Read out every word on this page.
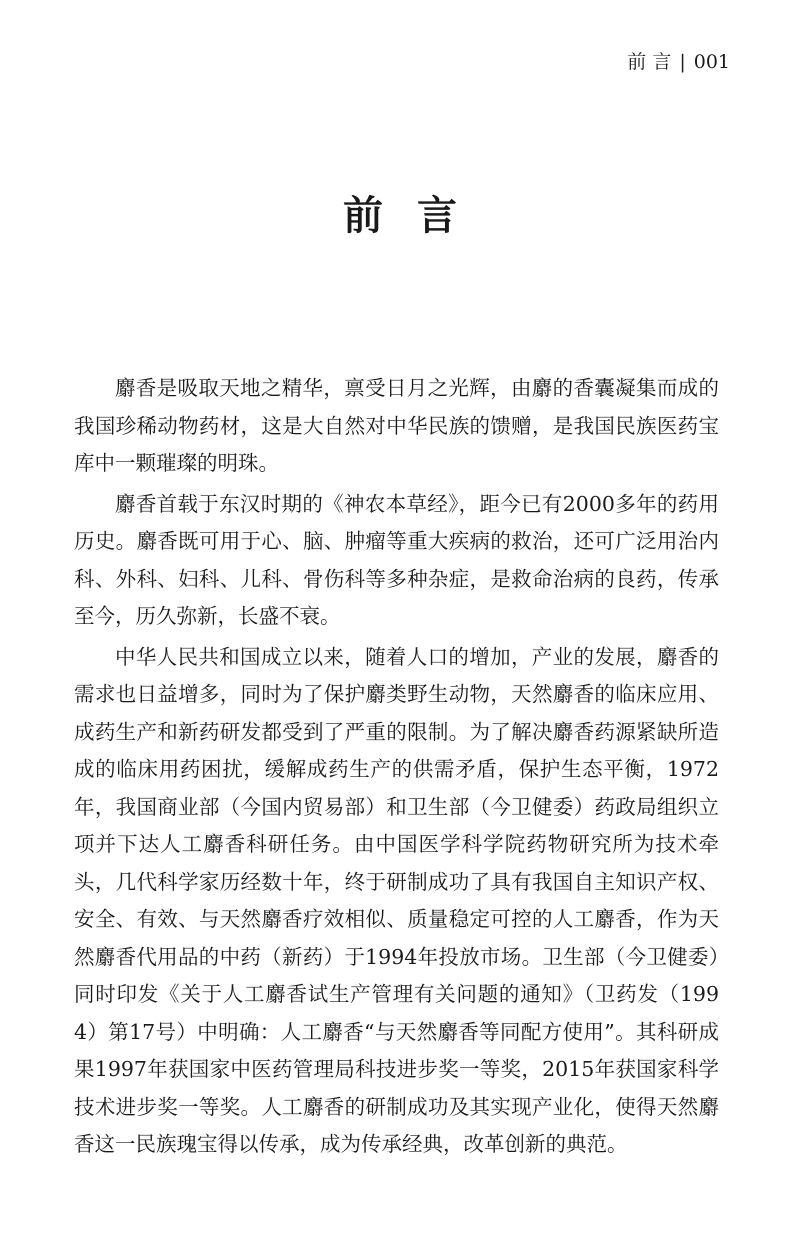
前 言 | 001
前言

麝香是吸取天地之精华，禀受日月之光辉，由麝的香囊凝集而成的我国珍稀动物药材，这是大自然对中华民族的馈赠，是我国民族医药宝库中一颗璀璨的明珠。

麝香首载于东汉时期的《神农本草经》，距今已有2000多年的药用历史。麝香既可用于心、脑、肿瘤等重大疾病的救治，还可广泛用治内科、外科、妇科、儿科、骨伤科等多种杂症，是救命治病的良药，传承至今，历久弥新，长盛不衰。

中华人民共和国成立以来，随着人口的增加，产业的发展，麝香的需求也日益增多，同时为了保护麝类野生动物，天然麝香的临床应用、成药生产和新药研发都受到了严重的限制。为了解决麝香药源紧缺所造成的临床用药困扰，缓解成药生产的供需矛盾，保护生态平衡，1972年，我国商业部（今国内贸易部）和卫生部（今卫健委）药政局组织立项并下达人工麝香科研任务。由中国医学科学院药物研究所为技术牵头，几代科学家历经数十年，终于研制成功了具有我国自主知识产权、安全、有效、与天然麝香疗效相似、质量稳定可控的人工麝香，作为天然麝香代用品的中药（新药）于1994年投放市场。卫生部（今卫健委）同时印发《关于人工麝香试生产管理有关问题的通知》（卫药发（1994）第17号）中明确：人工麝香“与天然麝香等同配方使用”。其科研成果1997年获国家中医药管理局科技进步奖一等奖，2015年获国家科学技术进步奖一等奖。人工麝香的研制成功及其实现产业化，使得天然麝香这一民族瑰宝得以传承，成为传承经典，改革创新的典范。
